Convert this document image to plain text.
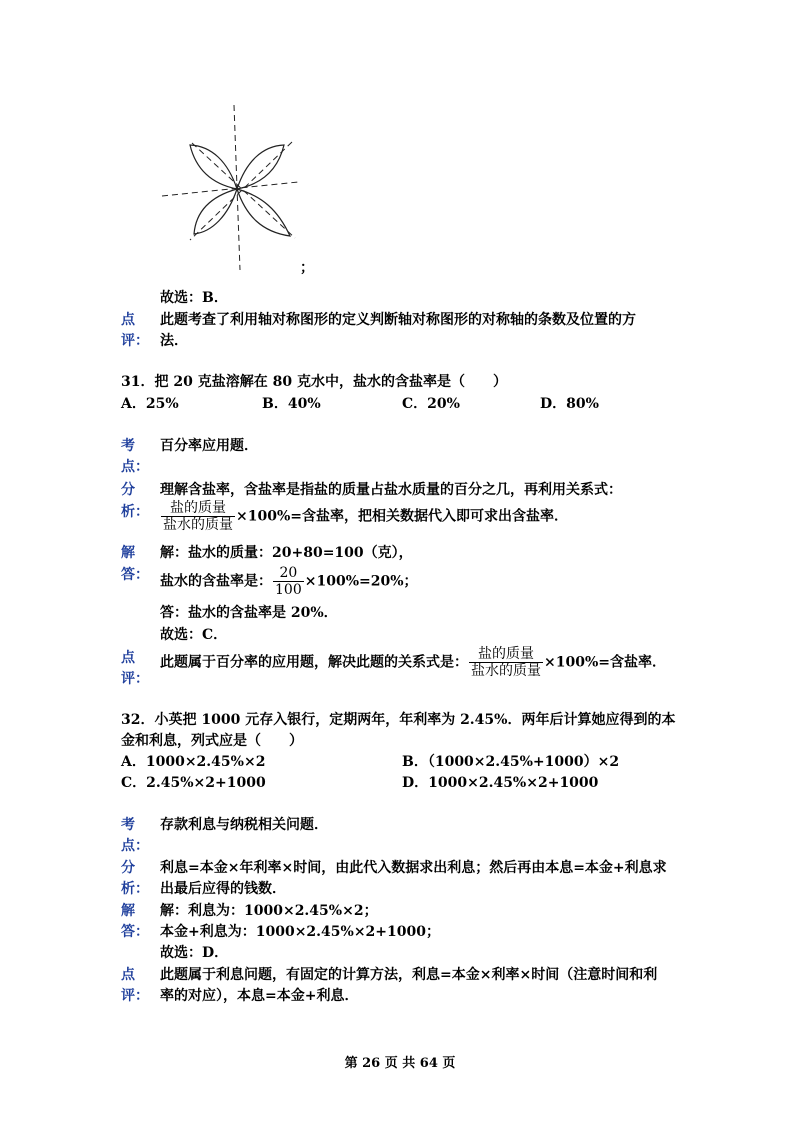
；
故选：B．
点
评：
此题考查了利用轴对称图形的定义判断轴对称图形的对称轴的条数及位置的方
法．
31．把 20 克盐溶解在 80 克水中，盐水的含盐率是（　　）
A．25%	B．40%	C．20%	D．80%
考
点：
百分率应用题．
分
析：
理解含盐率，含盐率是指盐的质量占盐水质量的百分之几，再利用关系式：
$\frac{\text{盐的质量}}{\text{盐水的质量}} \times 100\%=$含盐率，把相关数据代入即可求出含盐率．
解
答：
解：盐水的质量：20+80=100（克），
盐水的含盐率是： $\frac{20}{100} \times 100\%=20\%$；
答：盐水的含盐率是 20%．
故选：C．
点
评：
此题属于百分率的应用题，解决此题的关系式是： $\frac{\text{盐的质量}}{\text{盐水的质量}} \times 100\%=$含盐率．
32．小英把 1000 元存入银行，定期两年，年利率为 2.45%．两年后计算她应得到的本
金和利息，列式应是（　　）
A．1000×2.45%×2	B．（1000×2.45%+1000）×2
C．2.45%×2+1000	D．1000×2.45%×2+1000
考
点：
存款利息与纳税相关问题．
分
析：
利息=本金×年利率×时间，由此代入数据求出利息；然后再由本息=本金+利息求
出最后应得的钱数．
解
答：
解：利息为：1000×2.45%×2；
本金+利息为：1000×2.45%×2+1000；
故选：D．
点
评：
此题属于利息问题，有固定的计算方法，利息=本金×利率×时间（注意时间和利
率的对应），本息=本金+利息．
第 26 页 共 64 页
